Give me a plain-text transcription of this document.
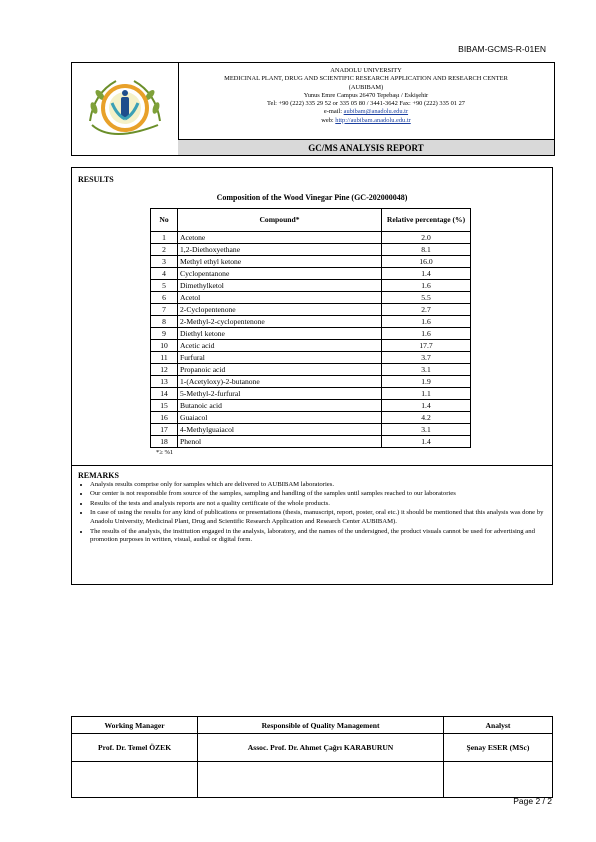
BIBAM-GCMS-R-01EN
ANADOLU UNIVERSITY
MEDICINAL PLANT, DRUG AND SCIENTIFIC RESEARCH APPLICATION AND RESEARCH CENTER
(AUBIBAM)
Yunus Emre Campus 26470 Tepebaşı / Eskişehir
Tel: +90 (222) 335 29 52 or 335 05 80 / 3441-3642 Fax: +90 (222) 335 01 27
e-mail: aubibam@anadolu.edu.tr
web: http://aubibam.anadolu.edu.tr
GC/MS ANALYSIS REPORT
RESULTS
Composition of the Wood Vinegar Pine (GC-202000048)
No	Compound*	Relative percentage (%)
1	Acetone	2.0
2	1,2-Diethoxyethane	8.1
3	Methyl ethyl ketone	16.0
4	Cyclopentanone	1.4
5	Dimethylketol	1.6
6	Acetol	5.5
7	2-Cyclopentenone	2.7
8	2-Methyl-2-cyclopentenone	1.6
9	Diethyl ketone	1.6
10	Acetic acid	17.7
11	Furfural	3.7
12	Propanoic acid	3.1
13	1-(Acetyloxy)-2-butanone	1.9
14	5-Methyl-2-furfural	1.1
15	Butanoic acid	1.4
16	Guaiacol	4.2
17	4-Methylguaiacol	3.1
18	Phenol	1.4
*≥ %1
REMARKS
• Analysis results comprise only for samples which are delivered to AUBIBAM laboratories.
• Our center is not responsible from source of the samples, sampling and handling of the samples until samples reached to our laboratories
• Results of the tests and analysis reports are not a quality certificate of the whole products.
• In case of using the results for any kind of publications or presentations (thesis, manuscript, report, poster, oral etc.) it should be mentioned that this analysis was done by Anadolu University, Medicinal Plant, Drug and Scientific Research Application and Research Center AUBIBAM).
• The results of the analysis, the institution engaged in the analysis, laboratory, and the names of the undersigned, the product visuals cannot be used for advertising and promotion purposes in written, visual, audial or digital form.
Working Manager	Responsible of Quality Management	Analyst
Prof. Dr. Temel ÖZEK	Assoc. Prof. Dr. Ahmet Çağrı KARABURUN	Şenay ESER (MSc)

Page 2 / 2
